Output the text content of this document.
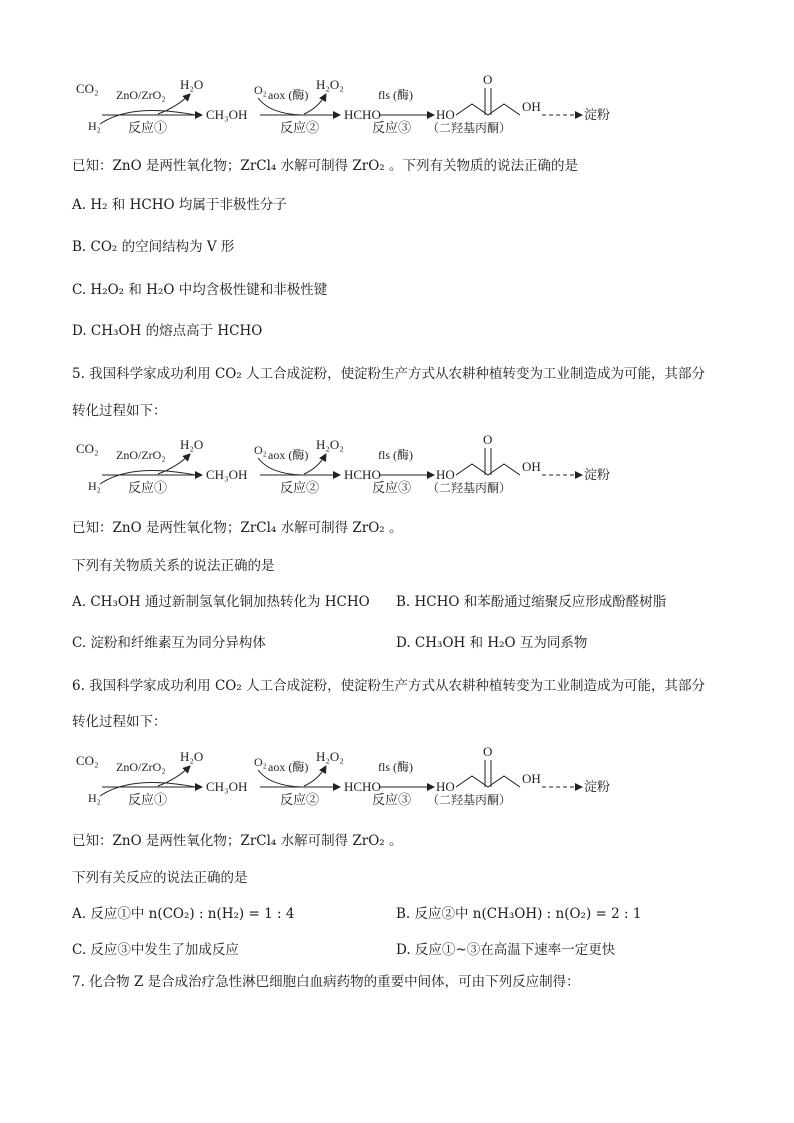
CO₂
H₂
ZnO/ZrO₂
H₂O
反应①
CH₃OH
O₂ aox (酶)
H₂O₂
反应②
HCHO
fls (酶)
反应③
HO
O
OH
（二羟基丙酮）
淀粉
已知：ZnO 是两性氧化物；ZrCl₄ 水解可制得 ZrO₂ 。下列有关物质的说法正确的是
A. H₂ 和 HCHO 均属于非极性分子
B. CO₂ 的空间结构为 V 形
C. H₂O₂ 和 H₂O 中均含极性键和非极性键
D. CH₃OH 的熔点高于 HCHO
5. 我国科学家成功利用 CO₂ 人工合成淀粉，使淀粉生产方式从农耕种植转变为工业制造成为可能，其部分
转化过程如下：
CO₂
H₂
ZnO/ZrO₂
H₂O
反应①
CH₃OH
O₂ aox (酶)
H₂O₂
反应②
HCHO
fls (酶)
反应③
HO
O
OH
（二羟基丙酮）
淀粉
已知：ZnO 是两性氧化物；ZrCl₄ 水解可制得 ZrO₂ 。
下列有关物质关系的说法正确的是
A. CH₃OH 通过新制氢氧化铜加热转化为 HCHO B. HCHO 和苯酚通过缩聚反应形成酚醛树脂
C. 淀粉和纤维素互为同分异构体	D. CH₃OH 和 H₂O 互为同系物
6. 我国科学家成功利用 CO₂ 人工合成淀粉，使淀粉生产方式从农耕种植转变为工业制造成为可能，其部分
转化过程如下：
CO₂
H₂
ZnO/ZrO₂
H₂O
反应①
CH₃OH
O₂ aox (酶)
H₂O₂
反应②
HCHO
fls (酶)
反应③
HO
O
OH
（二羟基丙酮）
淀粉
已知：ZnO 是两性氧化物；ZrCl₄ 水解可制得 ZrO₂ 。
下列有关反应的说法正确的是
A. 反应①中 n(CO₂) : n(H₂) = 1 : 4	B. 反应②中 n(CH₃OH) : n(O₂) = 2 : 1
C. 反应③中发生了加成反应	D. 反应①~③在高温下速率一定更快
7. 化合物 Z 是合成治疗急性淋巴细胞白血病药物的重要中间体，可由下列反应制得：
